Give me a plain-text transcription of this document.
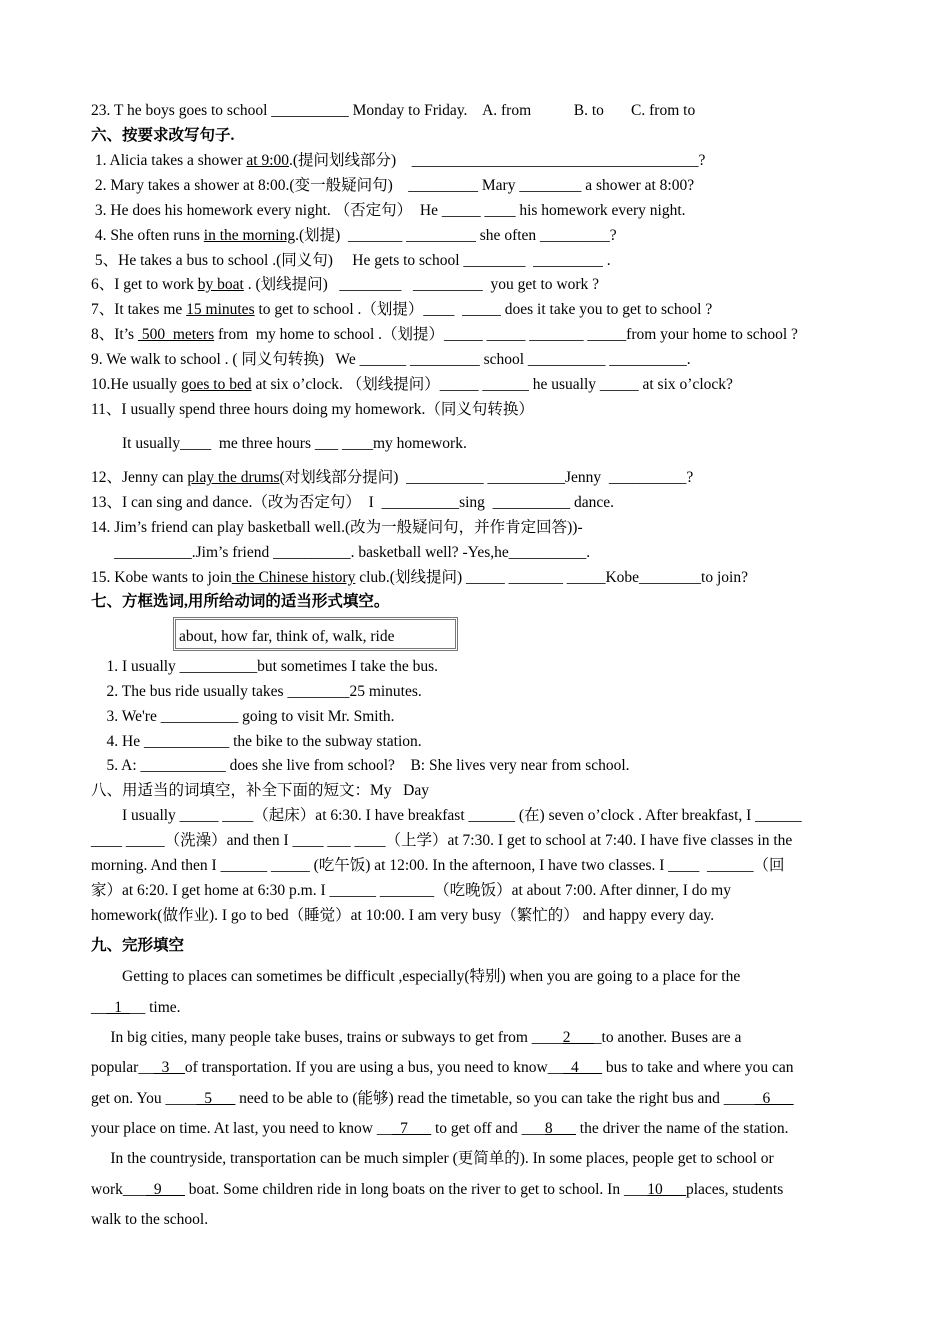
23. T he boys goes to school __________ Monday to Friday.    A. from           B. to       C. from to
六、按要求改写句子.
1. Alicia takes a shower at 9:00.(提问划线部分)    _____________________________________?
2. Mary takes a shower at 8:00.(变一般疑问句)    _________ Mary ________ a shower at 8:00?
3. He does his homework every night. （否定句）  He _____ ____ his homework every night.
4. She often runs in the morning.(划提)  _______ _________ she often _________?
5、He takes a bus to school .(同义句)     He gets to school ________  _________ .
6、I get to work by boat . (划线提问)   ________   _________  you get to work ?
7、It takes me 15 minutes to get to school .（划提）____  _____ does it take you to get to school ?
8、It’s  500  meters from  my home to school .（划提）_____ _____ _______ _____from your home to school ?
9. We walk to school . ( 同义句转换)   We ______ _________ school __________ __________.
10.He usually goes to bed at six o’clock. （划线提问）_____ ______ he usually _____ at six o’clock?
11、I usually spend three hours doing my homework.（同义句转换）
It usually____  me three hours ___ ____my homework.
12、Jenny can play the drums(对划线部分提问)  __________ __________Jenny  __________?
13、I can sing and dance.（改为否定句）  I  __________sing  __________ dance.
14. Jim’s friend can play basketball well.(改为一般疑问句，并作肯定回答))-
__________.Jim’s friend __________. basketball well? -Yes,he__________.
15. Kobe wants to join the Chinese history club.(划线提问) _____ _______ _____Kobe________to join?
七、方框选词,用所给动词的适当形式填空。
about, how far, think of, walk, ride
1. I usually __________but sometimes I take the bus.
2. The bus ride usually takes ________25 minutes.
3. We're __________ going to visit Mr. Smith.
4. He ___________ the bike to the subway station.
5. A: ___________ does she live from school?    B: She lives very near from school.
八、用适当的词填空，补全下面的短文：My   Day
I usually _____ ____（起床）at 6:30. I have breakfast ______ (在) seven o’clock . After breakfast, I ______
____ _____（洗澡）and then I ____ ___ ____（上学）at 7:30. I get to school at 7:40. I have five classes in the
morning. And then I ______ _____ (吃午饭) at 12:00. In the afternoon, I have two classes. I ____  ______（回
家）at 6:20. I get home at 6:30 p.m. I ______ _______（吃晚饭）at about 7:00. After dinner, I do my
homework(做作业). I go to bed（睡觉）at 10:00. I am very busy（繁忙的） and happy every day.
九、完形填空
Getting to places can sometimes be difficult ,especially(特别) when you are going to a place for the
___1___ time.
In big cities, many people take buses, trains or subways to get from ____2____to another. Buses are a
popular___3__of transportation. If you are using a bus, you need to know___4___ bus to take and where you can
get on. You _____5___ need to be able to (能够) read the timetable, so you can take the right bus and _____6___
your place on time. At last, you need to know ___7___ to get off and ___8___ the driver the name of the station.
In the countryside, transportation can be much simpler (更简单的). In some places, people get to school or
work____9___ boat. Some children ride in long boats on the river to get to school. In ___10___places, students
walk to the school.
